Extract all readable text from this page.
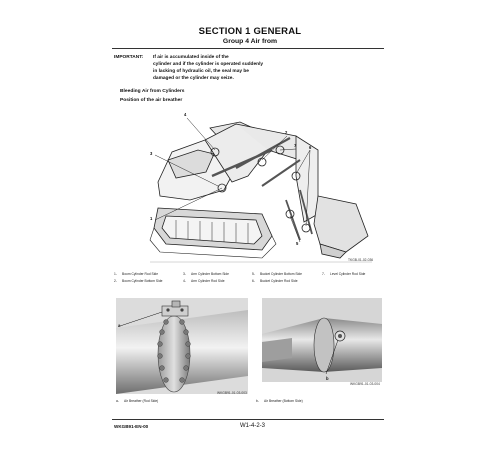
SECTION 1 GENERAL
Group 4 Air from
IMPORTANT: If air is accumulated inside of the
cylinder and if the cylinder is operated suddenly
in lacking of hydraulic oil, the seal may be
damaged or the cylinder may seize.
Bleeding Air from Cylinders
Position of the air breather
4
3
1
2
7	6
5
TKGB-01-02-036
1- Boom Cylinder Rod Side
2- Boom Cylinder Bottom Side
3- Arm Cylinder Bottom Side
4- Arm Cylinder Rod Side
5- Bucket Cylinder Bottom Side
6- Bucket Cylinder Rod Side
7- Level Cylinder Rod Side
a
WKGB91-01-03-003
b
WKGB91-01-03-004
a- Air Breather (Rod Side)	b- Air Breather (Bottom Side)
WKGB91-EN-00	W1-4-2-3
